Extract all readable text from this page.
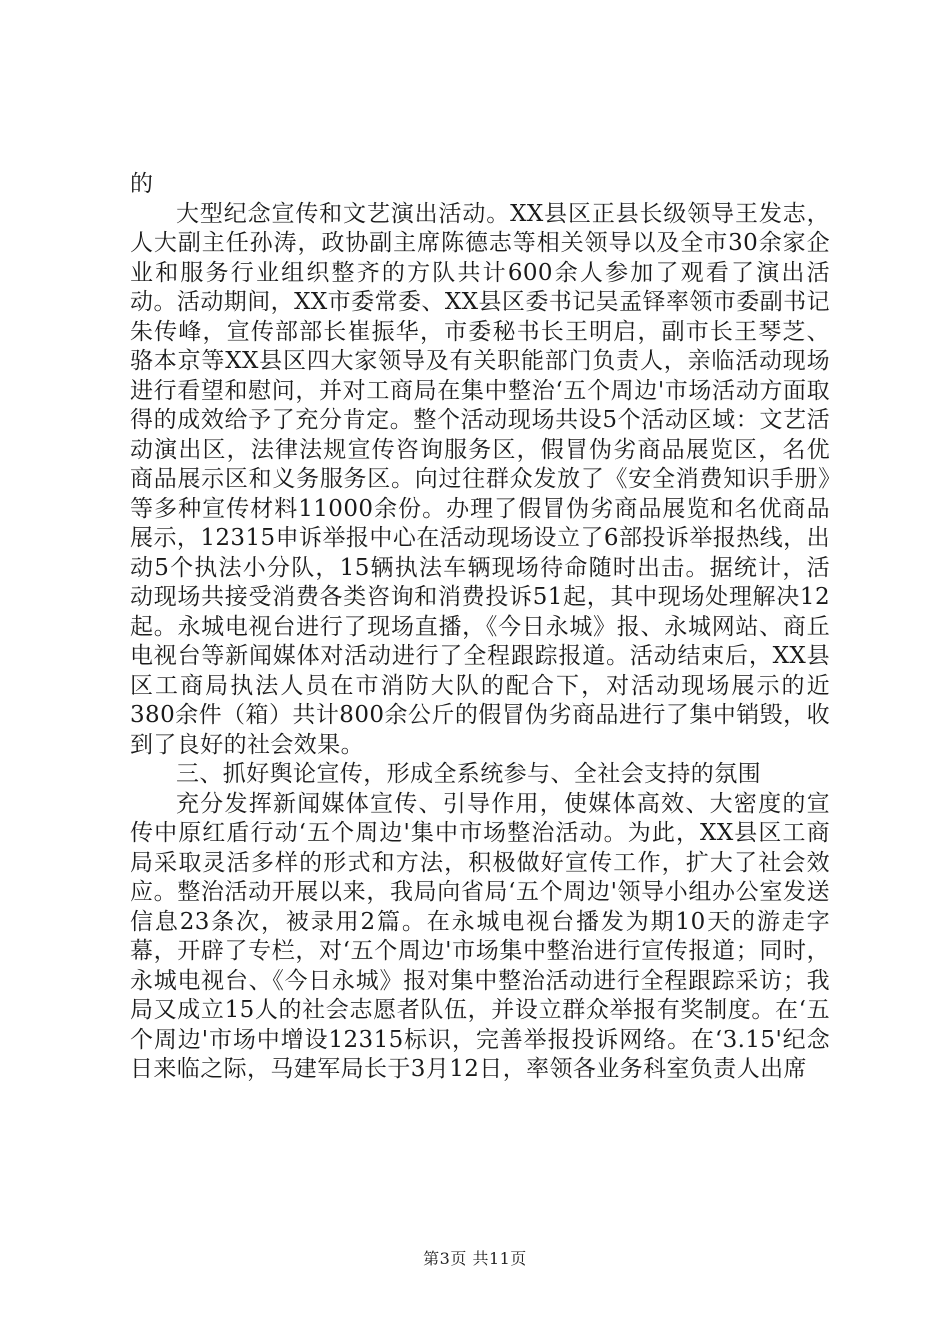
的

大型纪念宣传和文艺演出活动。XX县区正县长级领导王发志，人大副主任孙涛，政协副主席陈德志等相关领导以及全市30余家企业和服务行业组织整齐的方队共计600余人参加了观看了演出活动。活动期间，XX市委常委、XX县区委书记吴孟铎率领市委副书记朱传峰，宣传部部长崔振华，市委秘书长王明启，副市长王琴芝、骆本京等XX县区四大家领导及有关职能部门负责人，亲临活动现场进行看望和慰问，并对工商局在集中整治‘五个周边'市场活动方面取得的成效给予了充分肯定。整个活动现场共设5个活动区域：文艺活动演出区，法律法规宣传咨询服务区，假冒伪劣商品展览区，名优商品展示区和义务服务区。向过往群众发放了《安全消费知识手册》等多种宣传材料11000余份。办理了假冒伪劣商品展览和名优商品展示，12315申诉举报中心在活动现场设立了6部投诉举报热线，出动5个执法小分队，15辆执法车辆现场待命随时出击。据统计，活动现场共接受消费各类咨询和消费投诉51起，其中现场处理解决12起。永城电视台进行了现场直播，《今日永城》报、永城网站、商丘电视台等新闻媒体对活动进行了全程跟踪报道。活动结束后，XX县区工商局执法人员在市消防大队的配合下，对活动现场展示的近380余件（箱）共计800余公斤的假冒伪劣商品进行了集中销毁，收到了良好的社会效果。

三、抓好舆论宣传，形成全系统参与、全社会支持的氛围

充分发挥新闻媒体宣传、引导作用，使媒体高效、大密度的宣传中原红盾行动‘五个周边'集中市场整治活动。为此，XX县区工商局采取灵活多样的形式和方法，积极做好宣传工作，扩大了社会效应。整治活动开展以来，我局向省局‘五个周边'领导小组办公室发送信息23条次，被录用2篇。在永城电视台播发为期10天的游走字幕，开辟了专栏，对‘五个周边'市场集中整治进行宣传报道；同时，永城电视台、《今日永城》报对集中整治活动进行全程跟踪采访；我局又成立15人的社会志愿者队伍，并设立群众举报有奖制度。在‘五个周边'市场中增设12315标识，完善举报投诉网络。在‘3.15'纪念日来临之际，马建军局长于3月12日，率领各业务科室负责人出席

第3页 共11页
